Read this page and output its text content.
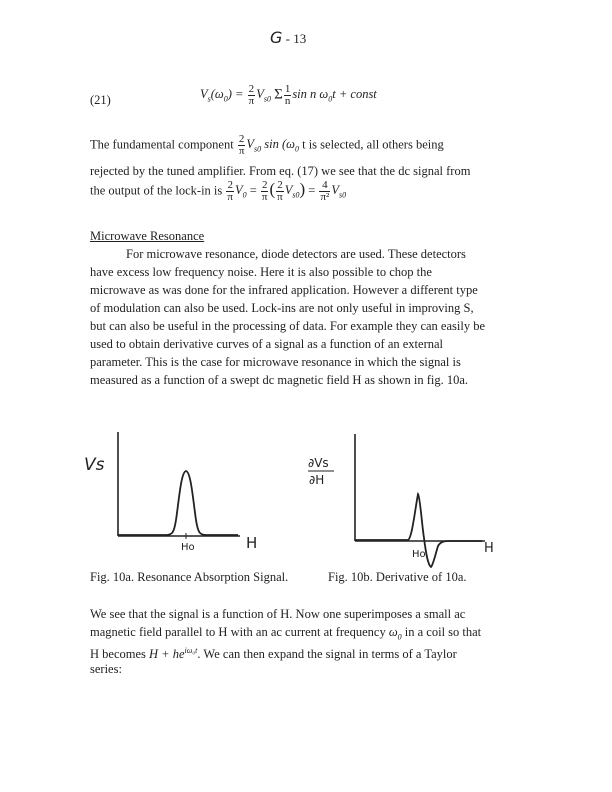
G - 13
(21)	$V_s(\omega_0) = \frac{2}{\pi} V_{s0}$ Σ $\frac{1}{n}$ sin n $\omega_0t$ + const
The fundamental component $\frac{2}{\pi} V_{s0}$ $\sin (\omega_0$ t is selected, all others being
rejected by the tuned amplifier. From eq. (17) we see that the dc signal from
the output of the lock-in is $\frac{2}{\pi} V_0 = \frac{2}{\pi}$ ( $\frac{2}{\pi} V_{s0}) = \frac{4}{\text{π²}} V_{s0}$
Microwave Resonance
For microwave resonance, diode detectors are used. These detectors
have excess low frequency noise. Here it is also possible to chop the
microwave as was done for the infrared application. However a different type
of modulation can also be used. Lock-ins are not only useful in improving S,
but can also be useful in the processing of data. For example they can easily be
used to obtain derivative curves of a signal as a function of an external
parameter. This is the case for microwave resonance in which the signal is
measured as a function of a swept dc magnetic field H as shown in fig. 10a.
Vs
Ho	H
Fig. 10a. Resonance Absorption Signal.
∂Vs
∂H
Ho	H
Fig. 10b. Derivative of 10a.
We see that the signal is a function of H. Now one superimposes a small ac
magnetic field parallel to H with an ac current at frequency $\omega_0$ in a coil so that
H becomes $H + he^{i\omega_0t}$. We can then expand the signal in terms of a Taylor
series:
